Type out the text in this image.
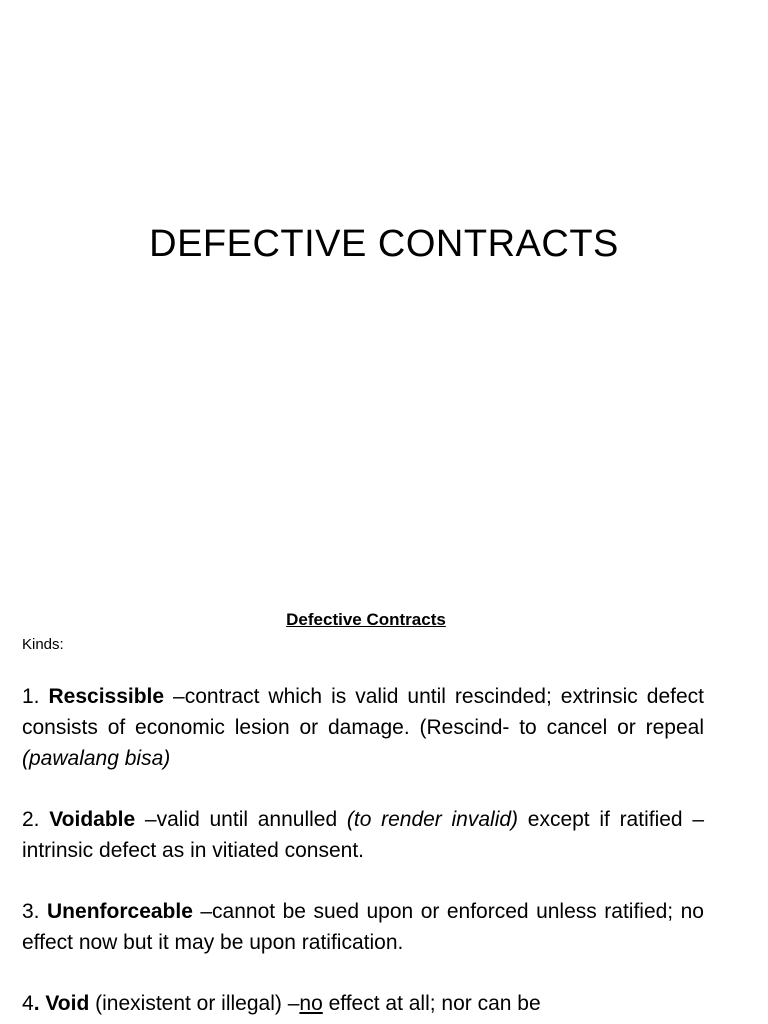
DEFECTIVE CONTRACTS
Defective Contracts
Kinds:
1. Rescissible –contract which is valid until rescinded; extrinsic defect consists of economic lesion or damage. (Rescind- to cancel or repeal (pawalang bisa)
2. Voidable –valid until annulled (to render invalid) except if ratified –intrinsic defect as in vitiated consent.
3. Unenforceable –cannot be sued upon or enforced unless ratified; no effect now but it may be upon ratification.
4. Void (inexistent or illegal) –no effect at all; nor can be
